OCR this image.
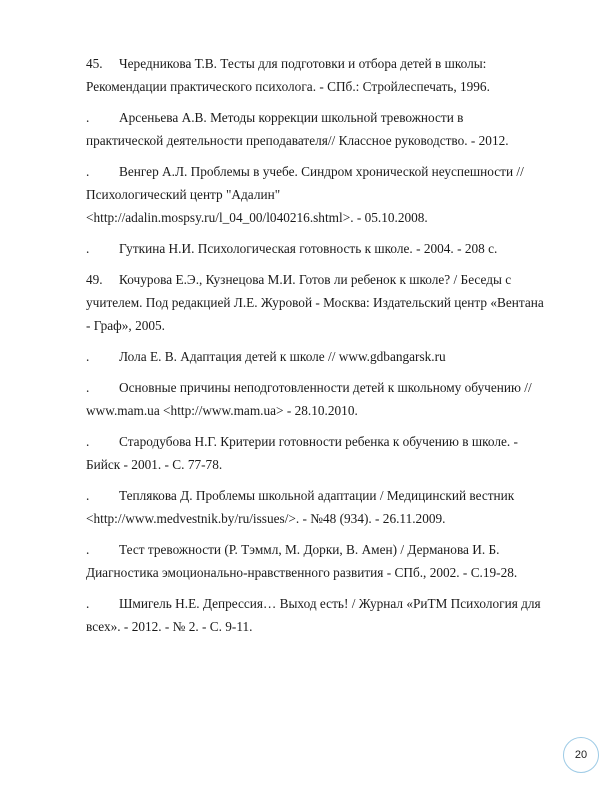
45. Чередникова Т.В. Тесты для подготовки и отбора детей в школы:
Рекомендации практического психолога. - СПб.: Стройлеспечать, 1996.
. Арсеньева А.В. Методы коррекции школьной тревожности в
практической деятельности преподавателя// Классное руководство. - 2012.
. Венгер А.Л. Проблемы в учебе. Синдром хронической неуспешности //
Психологический центр "Адалин"
<http://adalin.mospsy.ru/l_04_00/l040216.shtml>. - 05.10.2008.
. Гуткина Н.И. Психологическая готовность к школе. - 2004. - 208 с.
49. Кочурова Е.Э., Кузнецова М.И. Готов ли ребенок к школе? / Беседы с
учителем. Под редакцией Л.Е. Журовой - Москва: Издательский центр «Вентана
- Граф», 2005.
. Лола Е. В. Адаптация детей к школе // www.gdbangarsk.ru
. Основные причины неподготовленности детей к школьному обучению //
www.mam.ua <http://www.mam.ua> - 28.10.2010.
. Стародубова Н.Г. Критерии готовности ребенка к обучению в школе. -
Бийск - 2001. - С. 77-78.
. Теплякова Д. Проблемы школьной адаптации / Медицинский вестник
<http://www.medvestnik.by/ru/issues/>. - №48 (934). - 26.11.2009.
. Тест тревожности (Р. Тэммл, М. Дорки, В. Амен) / Дерманова И. Б.
Диагностика эмоционально-нравственного развития - СПб., 2002. - С.19-28.
. Шмигель Н.Е. Депрессия… Выход есть! / Журнал «РиТМ Психология для
всех». - 2012. - № 2. - С. 9-11.
20
